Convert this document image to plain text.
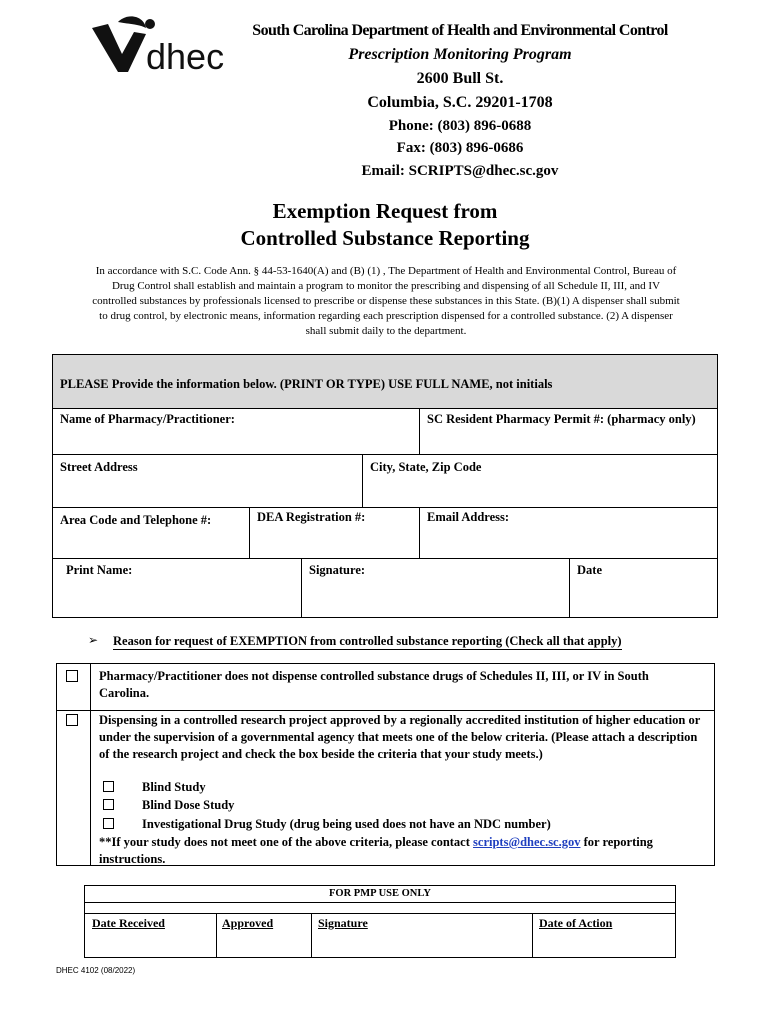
dhec
South Carolina Department of Health and Environmental Control
Prescription Monitoring Program
2600 Bull St.
Columbia, S.C. 29201-1708
Phone: (803) 896-0688
Fax: (803) 896-0686
Email: SCRIPTS@dhec.sc.gov
Exemption Request from
Controlled Substance Reporting
In accordance with S.C. Code Ann. § 44-53-1640(A) and (B) (1) , The Department of Health and Environmental Control, Bureau of Drug Control shall establish and maintain a program to monitor the prescribing and dispensing of all Schedule II, III, and IV controlled substances by professionals licensed to prescribe or dispense these substances in this State. (B)(1) A dispenser shall submit to drug control, by electronic means, information regarding each prescription dispensed for a controlled substance. (2) A dispenser shall submit daily to the department.
PLEASE Provide the information below. (PRINT OR TYPE) USE FULL NAME, not initials
Name of Pharmacy/Practitioner:	SC Resident Pharmacy Permit #: (pharmacy only)
Street Address	City, State, Zip Code
Area Code and Telephone #:	DEA Registration #:	Email Address:
Print Name:	Signature:	Date
➢ Reason for request of EXEMPTION from controlled substance reporting (Check all that apply)
Pharmacy/Practitioner does not dispense controlled substance drugs of Schedules II, III, or IV in South Carolina.
Dispensing in a controlled research project approved by a regionally accredited institution of higher education or under the supervision of a governmental agency that meets one of the below criteria. (Please attach a description of the research project and check the box beside the criteria that your study meets.)
Blind Study
Blind Dose Study
Investigational Drug Study (drug being used does not have an NDC number)
**If your study does not meet one of the above criteria, please contact scripts@dhec.sc.gov for reporting instructions.
FOR PMP USE ONLY
Date Received	Approved	Signature	Date of Action
DHEC 4102 (08/2022)
